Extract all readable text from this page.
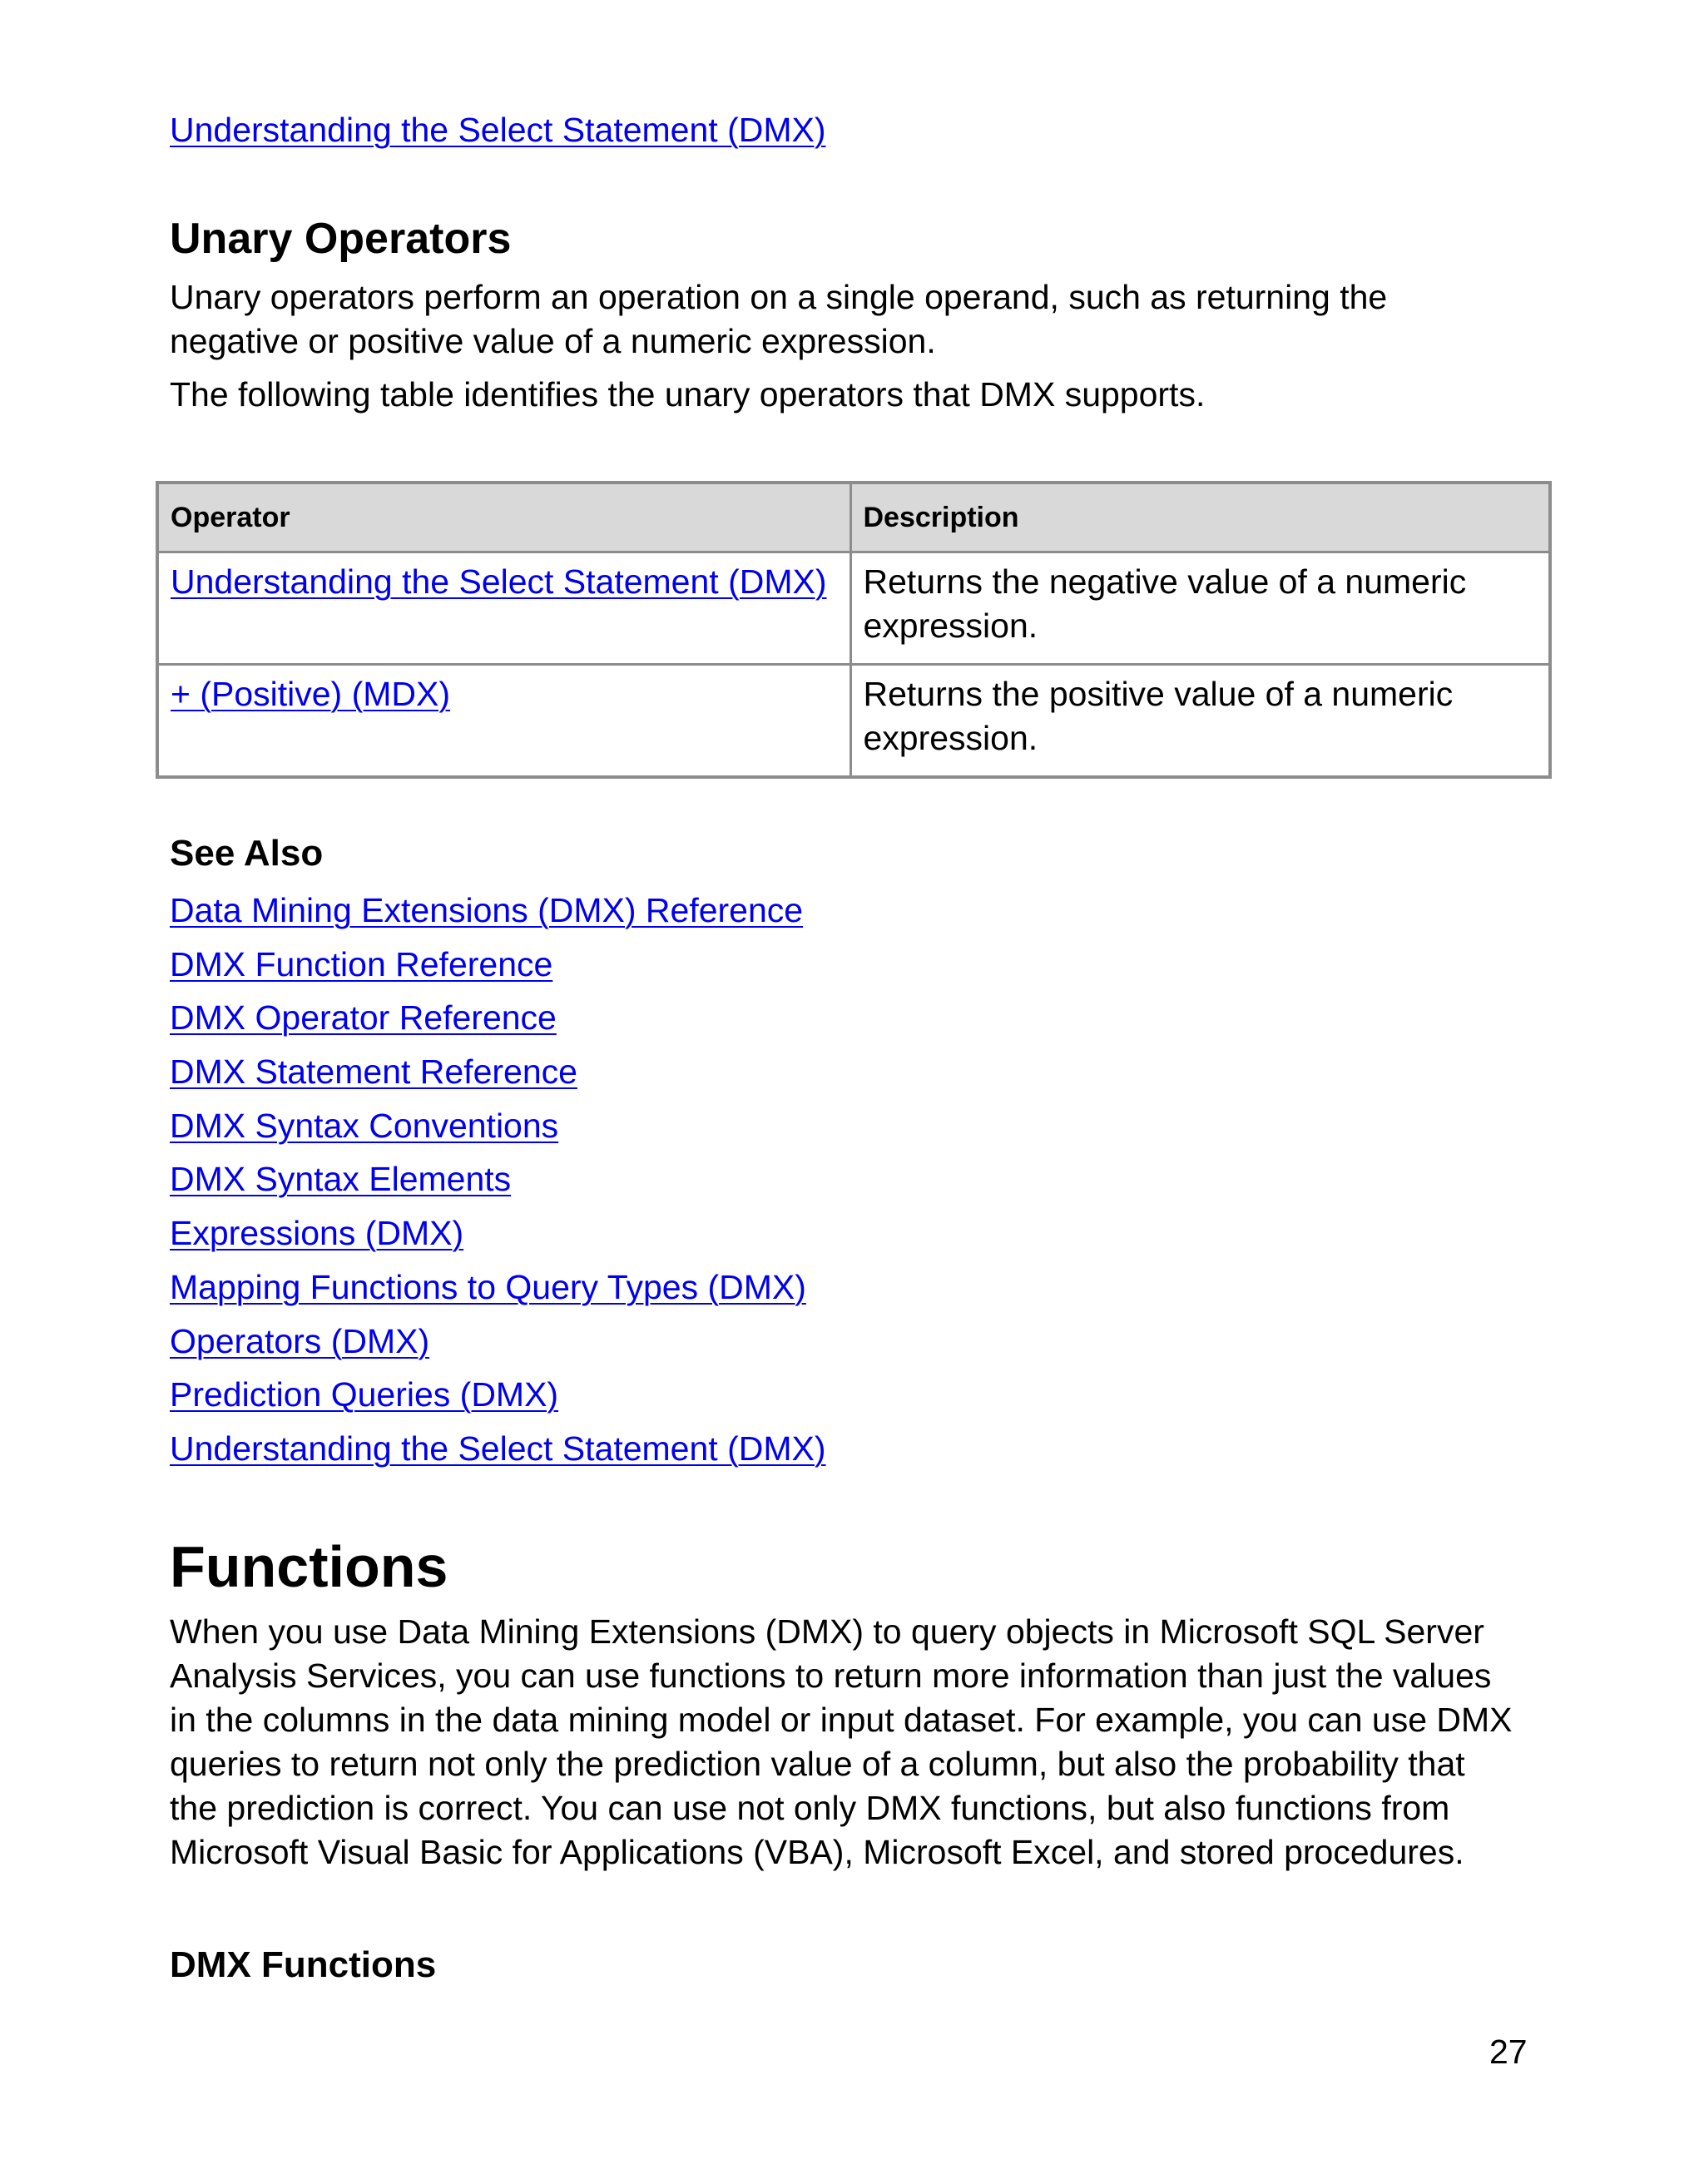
Understanding the Select Statement (DMX)
Unary Operators

Unary operators perform an operation on a single operand, such as returning the negative or positive value of a numeric expression.

The following table identifies the unary operators that DMX supports.

Operator	Description
Understanding the Select Statement (DMX)	Returns the negative value of a numeric expression.
+ (Positive) (MDX)	Returns the positive value of a numeric expression.
See Also
Data Mining Extensions (DMX) Reference
DMX Function Reference
DMX Operator Reference
DMX Statement Reference
DMX Syntax Conventions
DMX Syntax Elements
Expressions (DMX)
Mapping Functions to Query Types (DMX)
Operators (DMX)
Prediction Queries (DMX)
Understanding the Select Statement (DMX)
Functions
When you use Data Mining Extensions (DMX) to query objects in Microsoft SQL Server Analysis Services, you can use functions to return more information than just the values in the columns in the data mining model or input dataset. For example, you can use DMX queries to return not only the prediction value of a column, but also the probability that the prediction is correct. You can use not only DMX functions, but also functions from Microsoft Visual Basic for Applications (VBA), Microsoft Excel, and stored procedures.
DMX Functions
27
